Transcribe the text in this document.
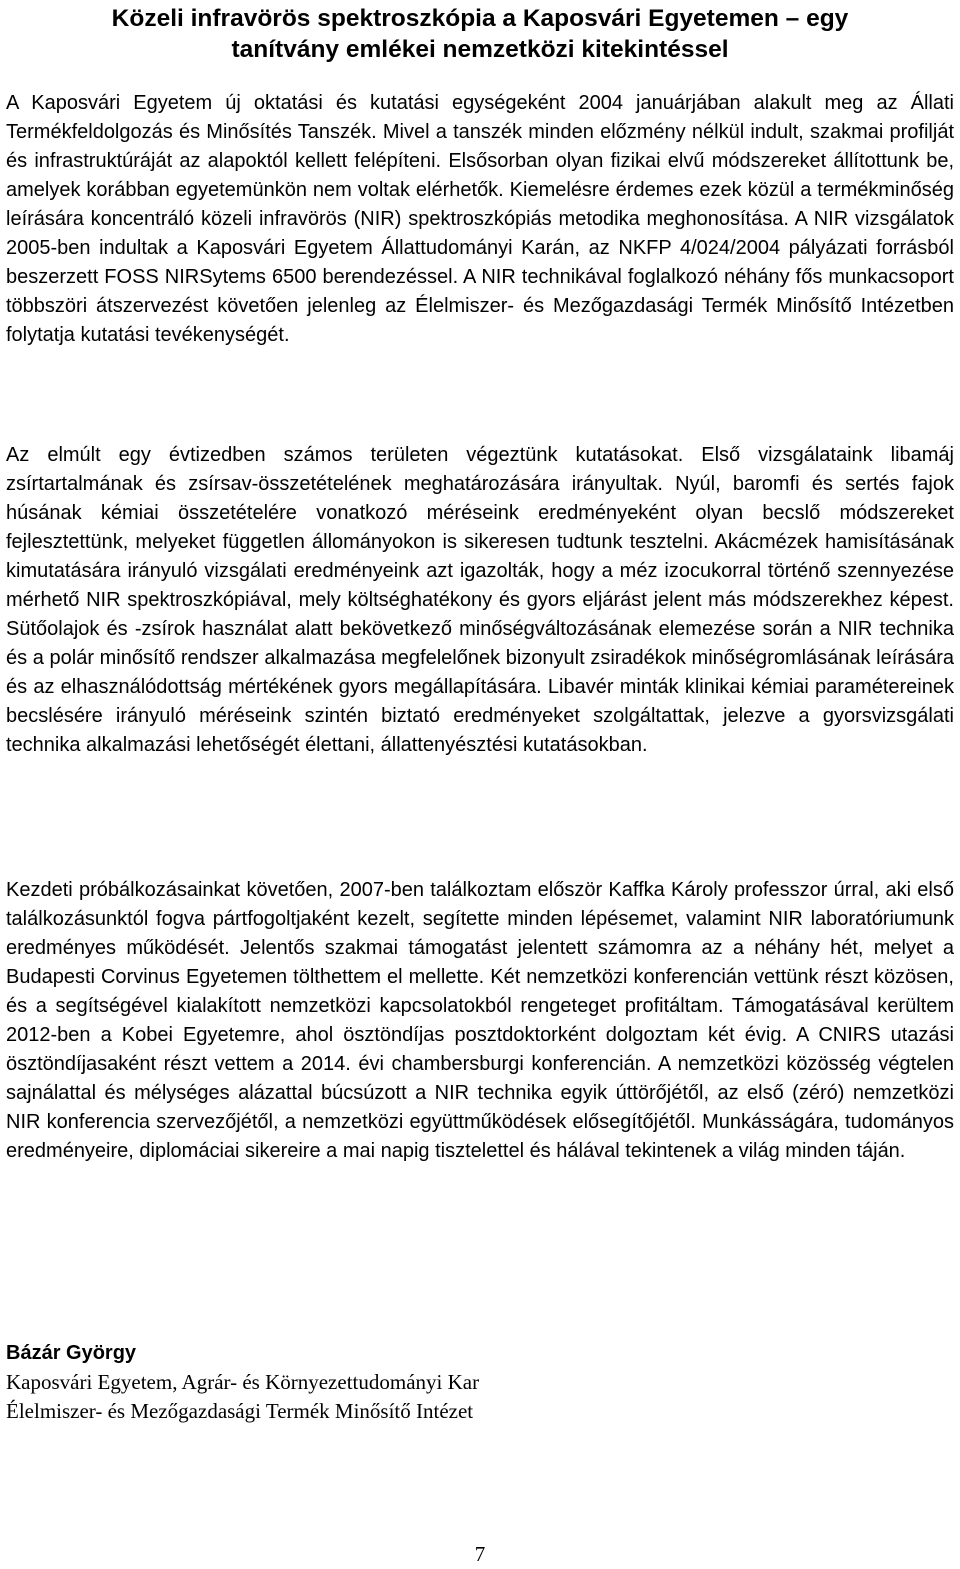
Közeli infravörös spektroszkópia a Kaposvári Egyetemen – egy
tanítvány emlékei nemzetközi kitekintéssel

A Kaposvári Egyetem új oktatási és kutatási egységeként 2004 januárjában alakult meg az Állati Termékfeldolgozás és Minősítés Tanszék. Mivel a tanszék minden előzmény nélkül indult, szakmai profilját és infrastruktúráját az alapoktól kellett felépíteni. Elsősorban olyan fizikai elvű módszereket állítottunk be, amelyek korábban egyetemünkön nem voltak elérhetők. Kiemelésre érdemes ezek közül a termékminőség leírására koncentráló közeli infravörös (NIR) spektroszkópiás metodika meghonosítása. A NIR vizsgálatok 2005-ben indultak a Kaposvári Egyetem Állattudományi Karán, az NKFP 4/024/2004 pályázati forrásból beszerzett FOSS NIRSytems 6500 berendezéssel. A NIR technikával foglalkozó néhány fős munkacsoport többszöri átszervezést követően jelenleg az Élelmiszer- és Mezőgazdasági Termék Minősítő Intézetben folytatja kutatási tevékenységét.

Az elmúlt egy évtizedben számos területen végeztünk kutatásokat. Első vizsgálataink libamáj zsírtartalmának és zsírsav-összetételének meghatározására irányultak. Nyúl, baromfi és sertés fajok húsának kémiai összetételére vonatkozó méréseink eredményeként olyan becslő módszereket fejlesztettünk, melyeket független állományokon is sikeresen tudtunk tesztelni. Akácmézek hamisításának kimutatására irányuló vizsgálati eredményeink azt igazolták, hogy a méz izocukorral történő szennyezése mérhető NIR spektroszkópiával, mely költséghatékony és gyors eljárást jelent más módszerekhez képest. Sütőolajok és -zsírok használat alatt bekövetkező minőségváltozásának elemezése során a NIR technika és a polár minősítő rendszer alkalmazása megfelelőnek bizonyult zsiradékok minőségromlásának leírására és az elhasználódottság mértékének gyors megállapítására. Libavér minták klinikai kémiai paramétereinek becslésére irányuló méréseink szintén biztató eredményeket szolgáltattak, jelezve a gyorsvizsgálati technika alkalmazási lehetőségét élettani, állattenyésztési kutatásokban.

Kezdeti próbálkozásainkat követően, 2007-ben találkoztam először Kaffka Károly professzor úrral, aki első találkozásunktól fogva pártfogoltjaként kezelt, segítette minden lépésemet, valamint NIR laboratóriumunk eredményes működését. Jelentős szakmai támogatást jelentett számomra az a néhány hét, melyet a Budapesti Corvinus Egyetemen tölthettem el mellette. Két nemzetközi konferencián vettünk részt közösen, és a segítségével kialakított nemzetközi kapcsolatokból rengeteget profitáltam. Támogatásával kerültem 2012-ben a Kobei Egyetemre, ahol ösztöndíjas posztdoktorként dolgoztam két évig. A CNIRS utazási ösztöndíjasaként részt vettem a 2014. évi chambersburgi konferencián. A nemzetközi közösség végtelen sajnálattal és mélységes alázattal búcsúzott a NIR technika egyik úttörőjétől, az első (zéró) nemzetközi NIR konferencia szervezőjétől, a nemzetközi együttműködések elősegítőjétől. Munkásságára, tudományos eredményeire, diplomáciai sikereire a mai napig tisztelettel és hálával tekintenek a világ minden táján.

Bázár György

Kaposvári Egyetem, Agrár- és Környezettudományi Kar

Élelmiszer- és Mezőgazdasági Termék Minősítő Intézet

7
